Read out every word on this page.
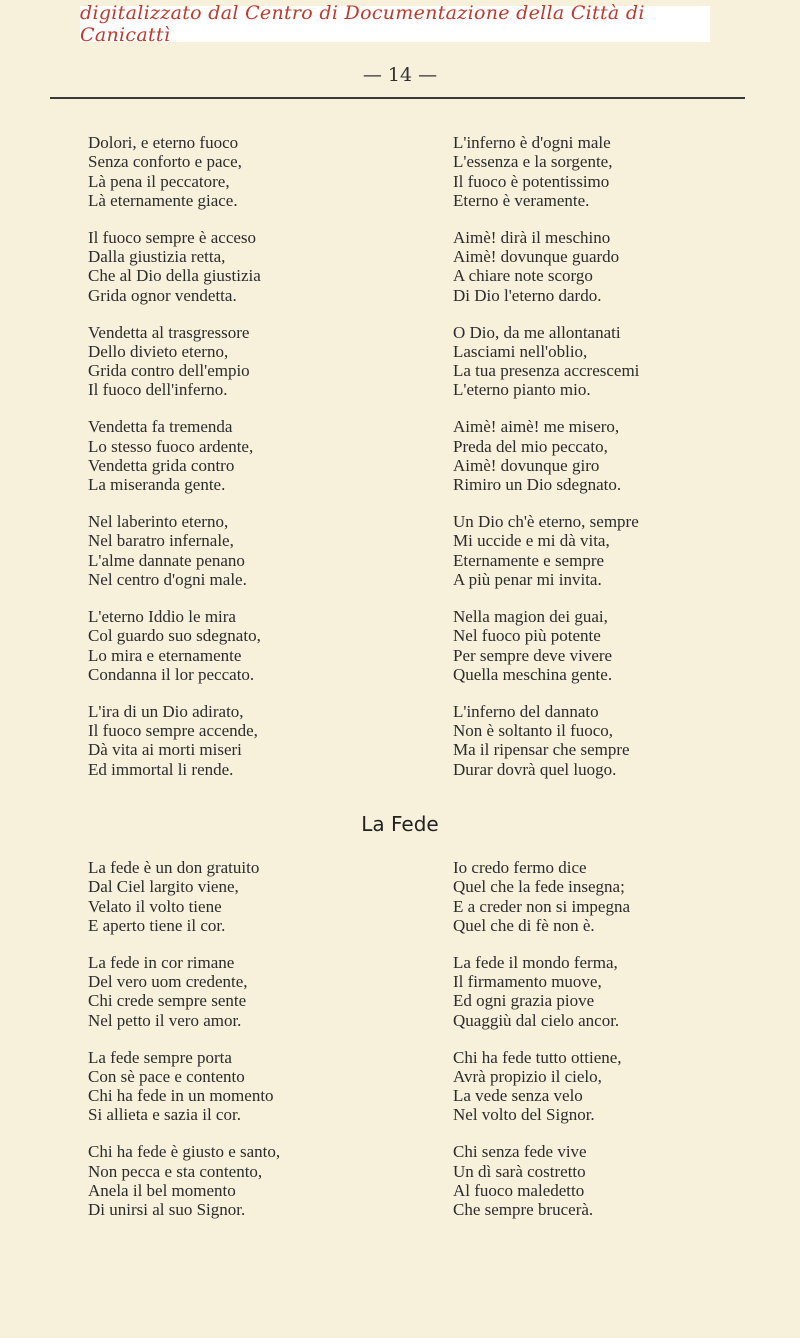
digitalizzato dal Centro di Documentazione della Città di Canicattì
— 14 —
Dolori, e eterno fuoco
Senza conforto e pace,
Là pena il peccatore,
Là eternamente giace.
Il fuoco sempre è acceso
Dalla giustizia retta,
Che al Dio della giustizia
Grida ognor vendetta.
Vendetta al trasgressore
Dello divieto eterno,
Grida contro dell'empio
Il fuoco dell'inferno.
Vendetta fa tremenda
Lo stesso fuoco ardente,
Vendetta grida contro
La miseranda gente.
Nel laberinto eterno,
Nel baratro infernale,
L'alme dannate penano
Nel centro d'ogni male.
L'eterno Iddio le mira
Col guardo suo sdegnato,
Lo mira e eternamente
Condanna il lor peccato.
L'ira di un Dio adirato,
Il fuoco sempre accende,
Dà vita ai morti miseri
Ed immortal li rende.
L'inferno è d'ogni male
L'essenza e la sorgente,
Il fuoco è potentissimo
Eterno è veramente.
Aimè! dirà il meschino
Aimè! dovunque guardo
A chiare note scorgo
Di Dio l'eterno dardo.
O Dio, da me allontanati
Lasciami nell'oblio,
La tua presenza accrescemi
L'eterno pianto mio.
Aimè! aimè! me misero,
Preda del mio peccato,
Aimè! dovunque giro
Rimiro un Dio sdegnato.
Un Dio ch'è eterno, sempre
Mi uccide e mi dà vita,
Eternamente e sempre
A più penar mi invita.
Nella magion dei guai,
Nel fuoco più potente
Per sempre deve vivere
Quella meschina gente.
L'inferno del dannato
Non è soltanto il fuoco,
Ma il ripensar che sempre
Durar dovrà quel luogo.
La Fede
La fede è un don gratuito
Dal Ciel largito viene,
Velato il volto tiene
E aperto tiene il cor.
La fede in cor rimane
Del vero uom credente,
Chi crede sempre sente
Nel petto il vero amor.
La fede sempre porta
Con sè pace e contento
Chi ha fede in un momento
Si allieta e sazia il cor.
Chi ha fede è giusto e santo,
Non pecca e sta contento,
Anela il bel momento
Di unirsi al suo Signor.
Io credo fermo dice
Quel che la fede insegna;
E a creder non si impegna
Quel che di fè non è.
La fede il mondo ferma,
Il firmamento muove,
Ed ogni grazia piove
Quaggiù dal cielo ancor.
Chi ha fede tutto ottiene,
Avrà propizio il cielo,
La vede senza velo
Nel volto del Signor.
Chi senza fede vive
Un dì sarà costretto
Al fuoco maledetto
Che sempre brucerà.
